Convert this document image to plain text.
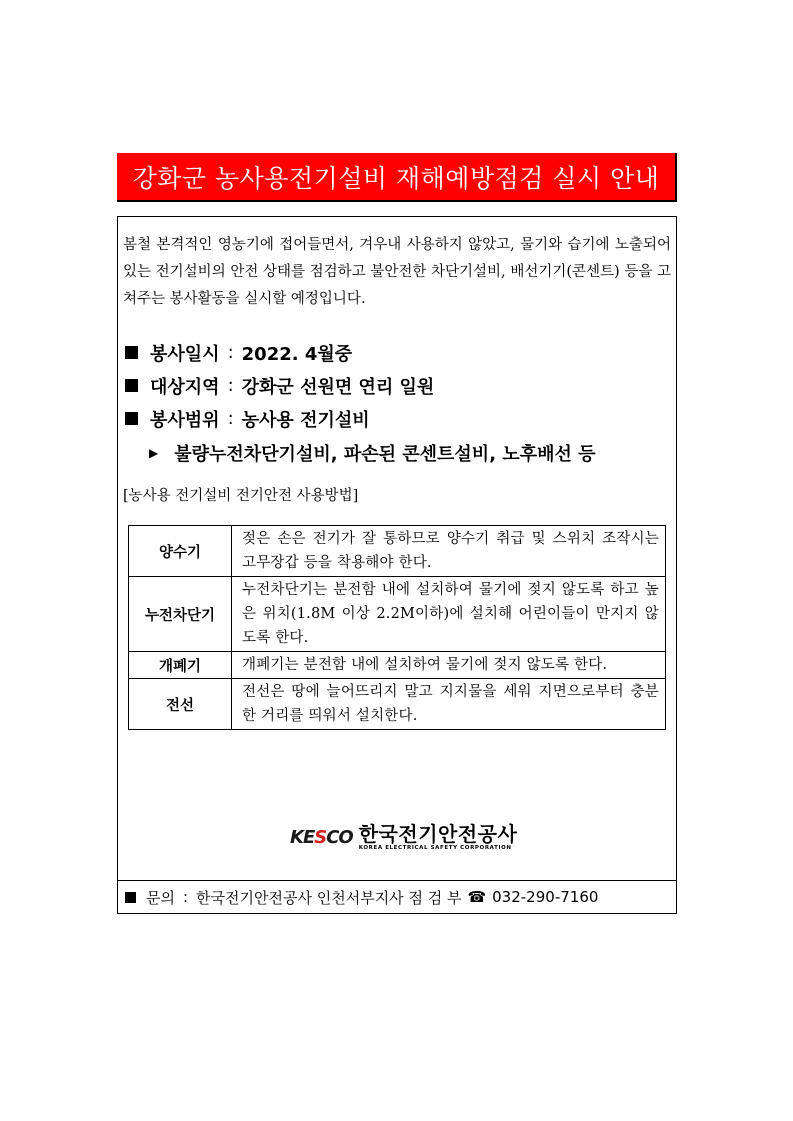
강화군 농사용전기설비 재해예방점검 실시 안내

봄철 본격적인 영농기에 접어들면서, 겨우내 사용하지 않았고, 물기와 습기에 노출되어 있는 전기설비의 안전 상태를 점검하고 불안전한 차단기설비, 배선기기(콘센트) 등을 고쳐주는 봉사활동을 실시할 예정입니다.

봉사일시 : 2022. 4월중
대상지역 : 강화군 선원면 연리 일원
봉사범위 : 농사용 전기설비
▶ 불량누전차단기설비, 파손된 콘센트설비, 노후배선 등
[농사용 전기설비 전기안전 사용방법]
양수기	젖은 손은 전기가 잘 통하므로 양수기 취급 및 스위치 조작시는 고무장갑 등을 착용해야 한다.
누전차단기	누전차단기는 분전함 내에 설치하여 물기에 젖지 않도록 하고 높은 위치(1.8M 이상 2.2M이하)에 설치해 어린이들이 만지지 않도록 한다.
개폐기	개폐기는 분전함 내에 설치하여 물기에 젖지 않도록 한다.
전선	전선은 땅에 늘어뜨리지 말고 지지물을 세워 지면으로부터 충분한 거리를 띄워서 설치한다.
KESCO 한국전기안전공사
KOREA ELECTRICAL SAFETY CORPORATION
문의 : 한국전기안전공사 인천서부지사 점 검 부 ☎ 032-290-7160
